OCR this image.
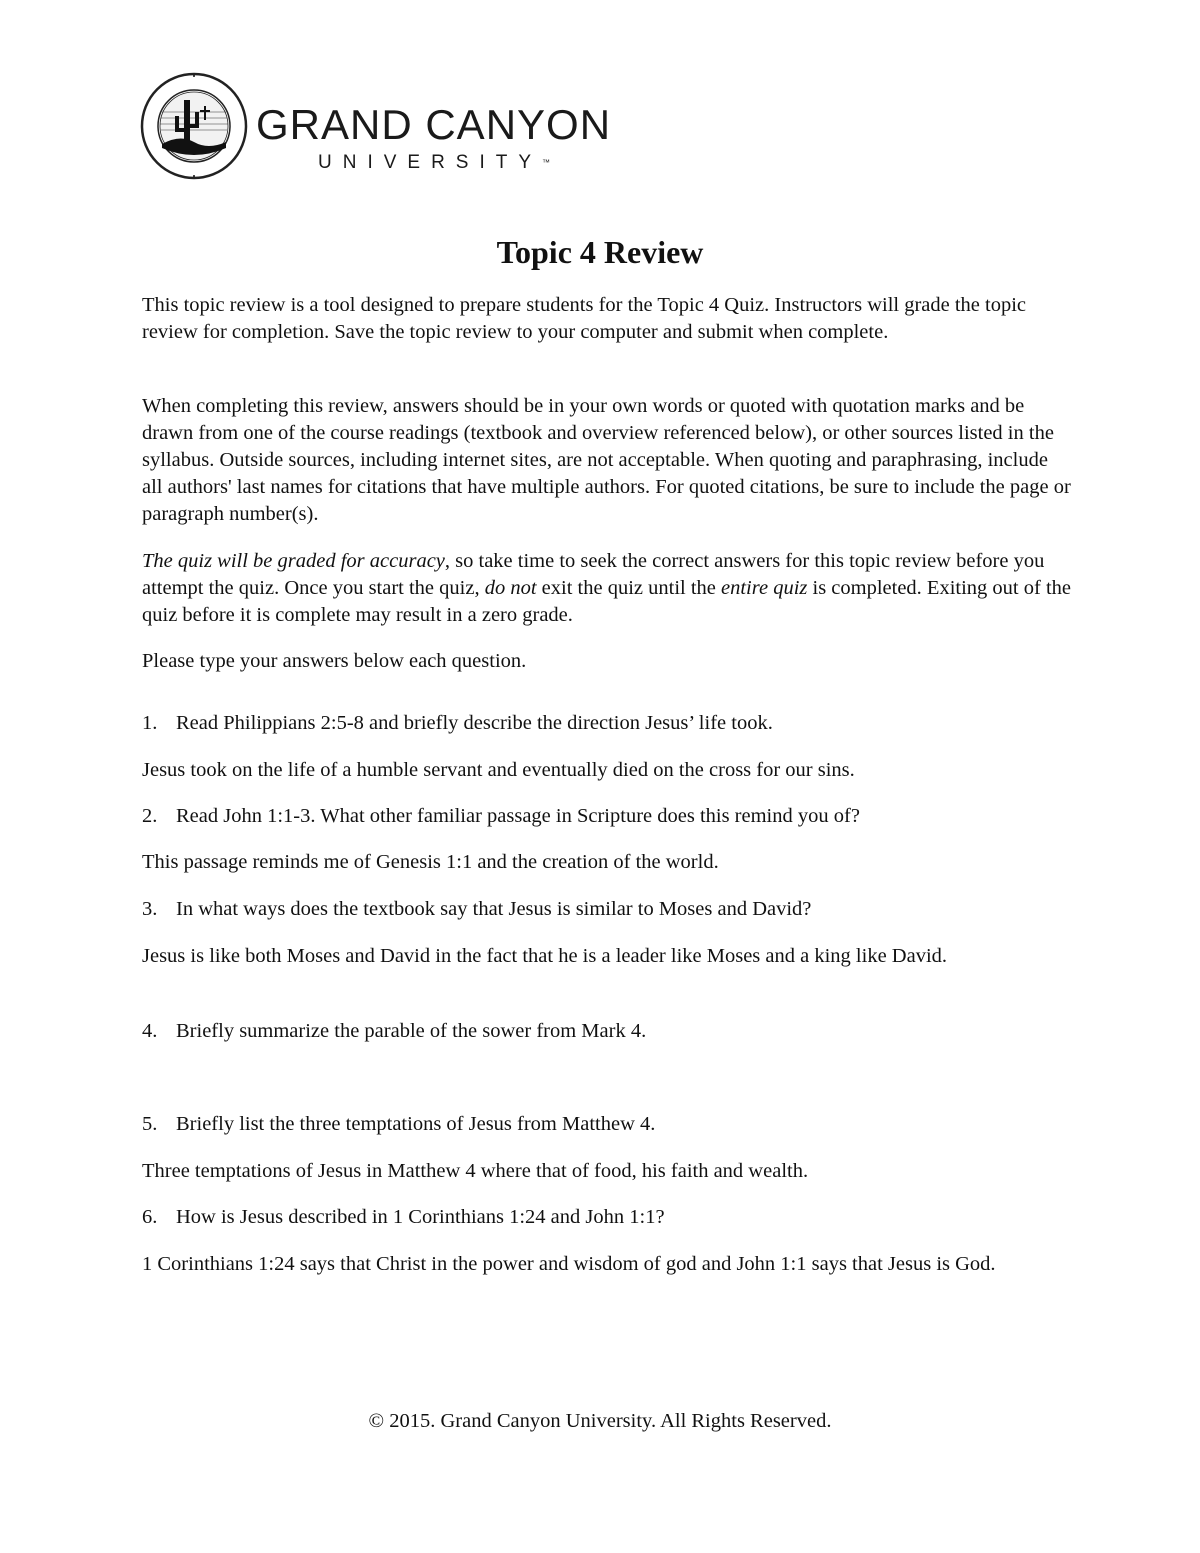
GRAND CANYON
UNIVERSITY™
Topic 4 Review

This topic review is a tool designed to prepare students for the Topic 4 Quiz. Instructors will grade the topic review for completion. Save the topic review to your computer and submit when complete.

When completing this review, answers should be in your own words or quoted with quotation marks and be drawn from one of the course readings (textbook and overview referenced below), or other sources listed in the syllabus. Outside sources, including internet sites, are not acceptable. When quoting and paraphrasing, include all authors' last names for citations that have multiple authors. For quoted citations, be sure to include the page or paragraph number(s).

The quiz will be graded for accuracy, so take time to seek the correct answers for this topic review before you attempt the quiz. Once you start the quiz, do not exit the quiz until the entire quiz is completed. Exiting out of the quiz before it is complete may result in a zero grade.

Please type your answers below each question.

1. Read Philippians 2:5-8 and briefly describe the direction Jesus’ life took.
Jesus took on the life of a humble servant and eventually died on the cross for our sins.
2. Read John 1:1-3. What other familiar passage in Scripture does this remind you of?
This passage reminds me of Genesis 1:1 and the creation of the world.
3. In what ways does the textbook say that Jesus is similar to Moses and David?
Jesus is like both Moses and David in the fact that he is a leader like Moses and a king like David.
4. Briefly summarize the parable of the sower from Mark 4.
5. Briefly list the three temptations of Jesus from Matthew 4.
Three temptations of Jesus in Matthew 4 where that of food, his faith and wealth.
6. How is Jesus described in 1 Corinthians 1:24 and John 1:1?
1 Corinthians 1:24 says that Christ in the power and wisdom of god and John 1:1 says that Jesus is God.
© 2015. Grand Canyon University. All Rights Reserved.
